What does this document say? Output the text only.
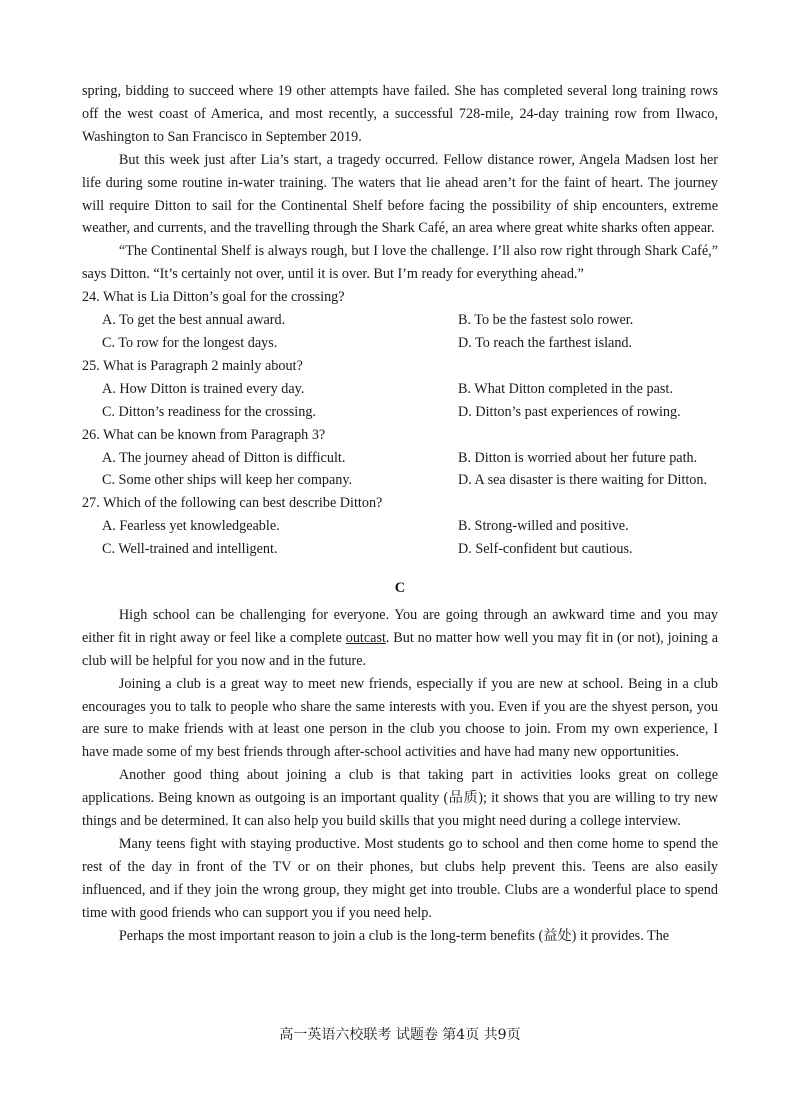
spring, bidding to succeed where 19 other attempts have failed. She has completed several long training rows off the west coast of America, and most recently, a successful 728-mile, 24-day training row from Ilwaco, Washington to San Francisco in September 2019.

But this week just after Lia’s start, a tragedy occurred. Fellow distance rower, Angela Madsen lost her life during some routine in-water training. The waters that lie ahead aren’t for the faint of heart. The journey will require Ditton to sail for the Continental Shelf before facing the possibility of ship encounters, extreme weather, and currents, and the travelling through the Shark Café, an area where great white sharks often appear.

“The Continental Shelf is always rough, but I love the challenge. I’ll also row right through Shark Café,” says Ditton. “It’s certainly not over, until it is over. But I’m ready for everything ahead.”

24. What is Lia Ditton’s goal for the crossing?
A. To get the best annual award.	B. To be the fastest solo rower.
C. To row for the longest days.	D. To reach the farthest island.
25. What is Paragraph 2 mainly about?
A. How Ditton is trained every day.	B. What Ditton completed in the past.
C. Ditton’s readiness for the crossing.	D. Ditton’s past experiences of rowing.
26. What can be known from Paragraph 3?
A. The journey ahead of Ditton is difficult.	B. Ditton is worried about her future path.
C. Some other ships will keep her company.	D. A sea disaster is there waiting for Ditton.
27. Which of the following can best describe Ditton?
A. Fearless yet knowledgeable.	B. Strong-willed and positive.
C. Well-trained and intelligent.	D. Self-confident but cautious.
C

High school can be challenging for everyone. You are going through an awkward time and you may either fit in right away or feel like a complete outcast. But no matter how well you may fit in (or not), joining a club will be helpful for you now and in the future.

Joining a club is a great way to meet new friends, especially if you are new at school. Being in a club encourages you to talk to people who share the same interests with you. Even if you are the shyest person, you are sure to make friends with at least one person in the club you choose to join. From my own experience, I have made some of my best friends through after-school activities and have had many new opportunities.

Another good thing about joining a club is that taking part in activities looks great on college applications. Being known as outgoing is an important quality (品质); it shows that you are willing to try new things and be determined. It can also help you build skills that you might need during a college interview.

Many teens fight with staying productive. Most students go to school and then come home to spend the rest of the day in front of the TV or on their phones, but clubs help prevent this. Teens are also easily influenced, and if they join the wrong group, they might get into trouble. Clubs are a wonderful place to spend time with good friends who can support you if you need help.

Perhaps the most important reason to join a club is the long-term benefits (益处) it provides. The

高一英语六校联考 试题卷 第4页 共9页
